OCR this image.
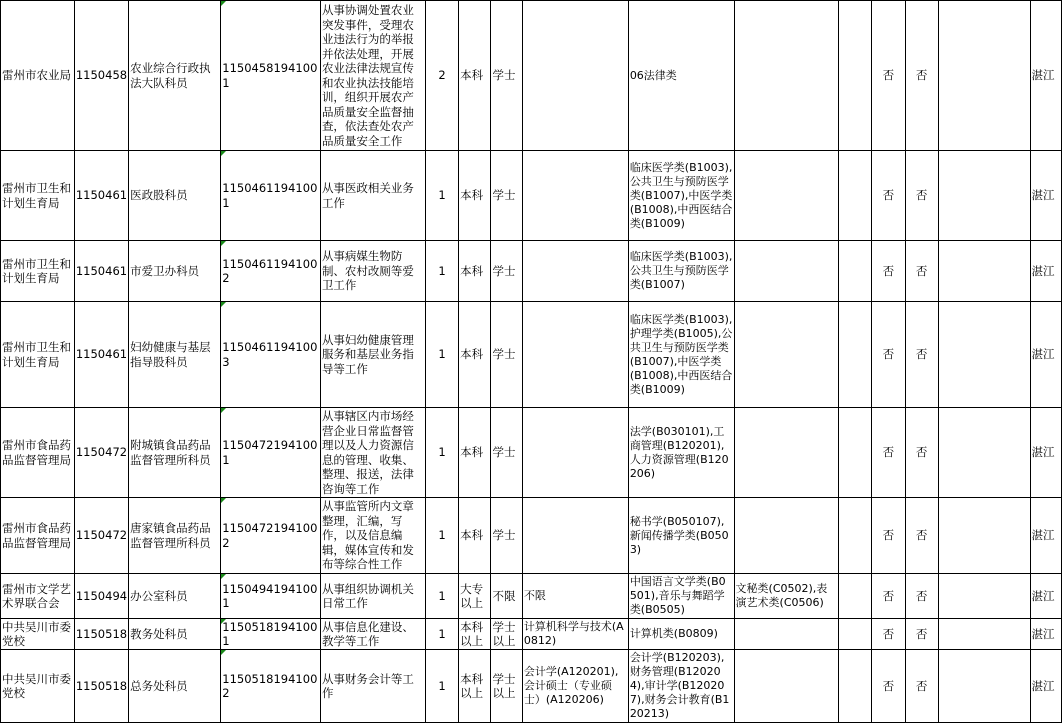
雷州市农业局	1150458	农业综合行政执法大队科员	11504581941001	从事协调处置农业突发事件，受理农业违法行为的举报并依法处理，开展农业法律法规宣传和农业执法技能培训，组织开展农产品质量安全监督抽查，依法查处农产品质量安全工作	2	本科	学士		06法律类			否	否		湛江
雷州市卫生和计划生育局	1150461	医政股科员	11504611941001	从事医政相关业务工作	1	本科	学士		临床医学类(B1003),公共卫生与预防医学类(B1007),中医学类(B1008),中西医结合类(B1009)			否	否		湛江
雷州市卫生和计划生育局	1150461	市爱卫办科员	11504611941002	从事病媒生物防制、农村改厕等爱卫工作	1	本科	学士		临床医学类(B1003),公共卫生与预防医学类(B1007)			否	否		湛江
雷州市卫生和计划生育局	1150461	妇幼健康与基层指导股科员	11504611941003	从事妇幼健康管理服务和基层业务指导等工作	1	本科	学士		临床医学类(B1003),护理学类(B1005),公共卫生与预防医学类(B1007),中医学类(B1008),中西医结合类(B1009)			否	否		湛江
雷州市食品药品监督管理局	1150472	附城镇食品药品监督管理所科员	11504721941001	从事辖区内市场经营企业日常监督管理以及人力资源信息的管理、收集、整理、报送，法律咨询等工作	1	本科	学士		法学(B030101),工商管理(B120201),人力资源管理(B120206)			否	否		湛江
雷州市食品药品监督管理局	1150472	唐家镇食品药品监督管理所科员	11504721941002	从事监管所内文章整理，汇编，写作，以及信息编辑，媒体宣传和发布等综合性工作	1	本科	学士		秘书学(B050107),新闻传播学类(B0503)			否	否		湛江
雷州市文学艺术界联合会	1150494	办公室科员	11504941941001	从事组织协调机关日常工作	1	大专以上	不限	不限	中国语言文学类(B0501),音乐与舞蹈学类(B0505)	文秘类(C0502),表演艺术类(C0506)		否	否		湛江
中共吴川市委党校	1150518	教务处科员	11505181941001	从事信息化建设、教学等工作	1	本科以上	学士以上	计算机科学与技术(A0812)	计算机类(B0809)			否	否		湛江
中共吴川市委党校	1150518	总务处科员	11505181941002	从事财务会计等工作	1	本科以上	学士以上	会计学(A120201),会计硕士（专业硕士）(A120206)	会计学(B120203),财务管理(B120204),审计学(B120207),财务会计教育(B120213)			否	否		湛江
